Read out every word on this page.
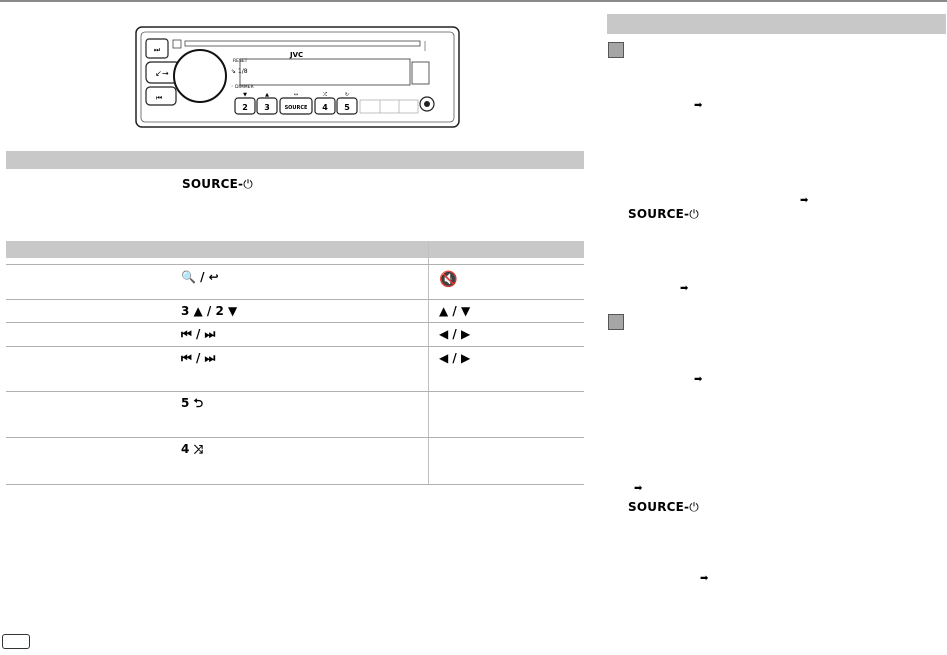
⏭
↙→
⏮
RESET
⇘ 1/8
◦ DIMMER
JVC
2 3	SOURCE 4 5
▼	▲	↔	⤮	↻
SOURCE-⏻
🔍 / ↩	🔇
3 ▲ / 2 ▼	▲ / ▼
⏮ / ⏭	◀ / ▶
⏮ / ⏭	◀ / ▶
5 ⮌
4 ⤨
➡
➡
SOURCE-⏻
➡
➡
➡
SOURCE-⏻
➡
